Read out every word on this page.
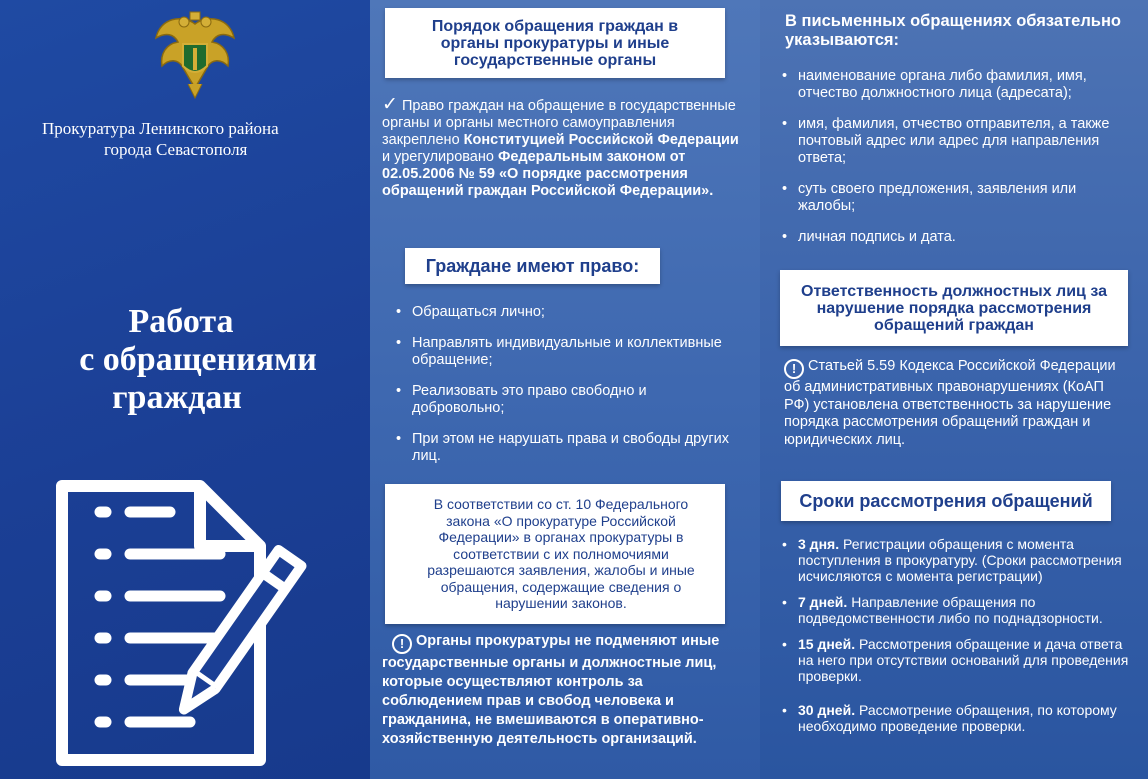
Прокуратура Ленинского района
города Севастополя
Работа
с обращениями
граждан
Порядок обращения граждан в органы прокуратуры и иные государственные органы
✓ Право граждан на обращение в государственные органы и органы местного самоуправления закреплено Конституцией Российской Федерации и урегулировано Федеральным законом от 02.05.2006 № 59 «О порядке рассмотрения обращений граждан Российской Федерации».
Граждане имеют право:
• Обращаться лично;
• Направлять индивидуальные и коллективные обращение;
• Реализовать это право свободно и добровольно;
• При этом не нарушать права и свободы других лиц.
В соответствии со ст. 10 Федерального закона «О прокуратуре Российской Федерации» в органах прокуратуры в соответствии с их полномочиями разрешаются заявления, жалобы и иные обращения, содержащие сведения о нарушении законов.
! Органы прокуратуры не подменяют иные государственные органы и должностные лиц, которые осуществляют контроль за соблюдением прав и свобод человека и гражданина, не вмешиваются в оперативно-хозяйственную деятельность организаций.
В письменных обращениях обязательно указываются:
• наименование органа либо фамилия, имя, отчество должностного лица (адресата);
• имя, фамилия, отчество отправителя, а также почтовый адрес или адрес для направления ответа;
• суть своего предложения, заявления или жалобы;
• личная подпись и дата.
Ответственность должностных лиц за нарушение порядка рассмотрения обращений граждан
! Статьей 5.59 Кодекса Российской Федерации об административных правонарушениях (КоАП РФ) установлена ответственность за нарушение порядка рассмотрения обращений граждан и юридических лиц.
Сроки рассмотрения обращений
• 3 дня. Регистрации обращения с момента поступления в прокуратуру. (Сроки рассмотрения исчисляются с момента регистрации)
• 7 дней. Направление обращения по подведомственности либо по поднадзорности.
• 15 дней. Рассмотрения обращение и дача ответа на него при отсутствии оснований для проведения проверки.
• 30 дней. Рассмотрение обращения, по которому необходимо проведение проверки.
